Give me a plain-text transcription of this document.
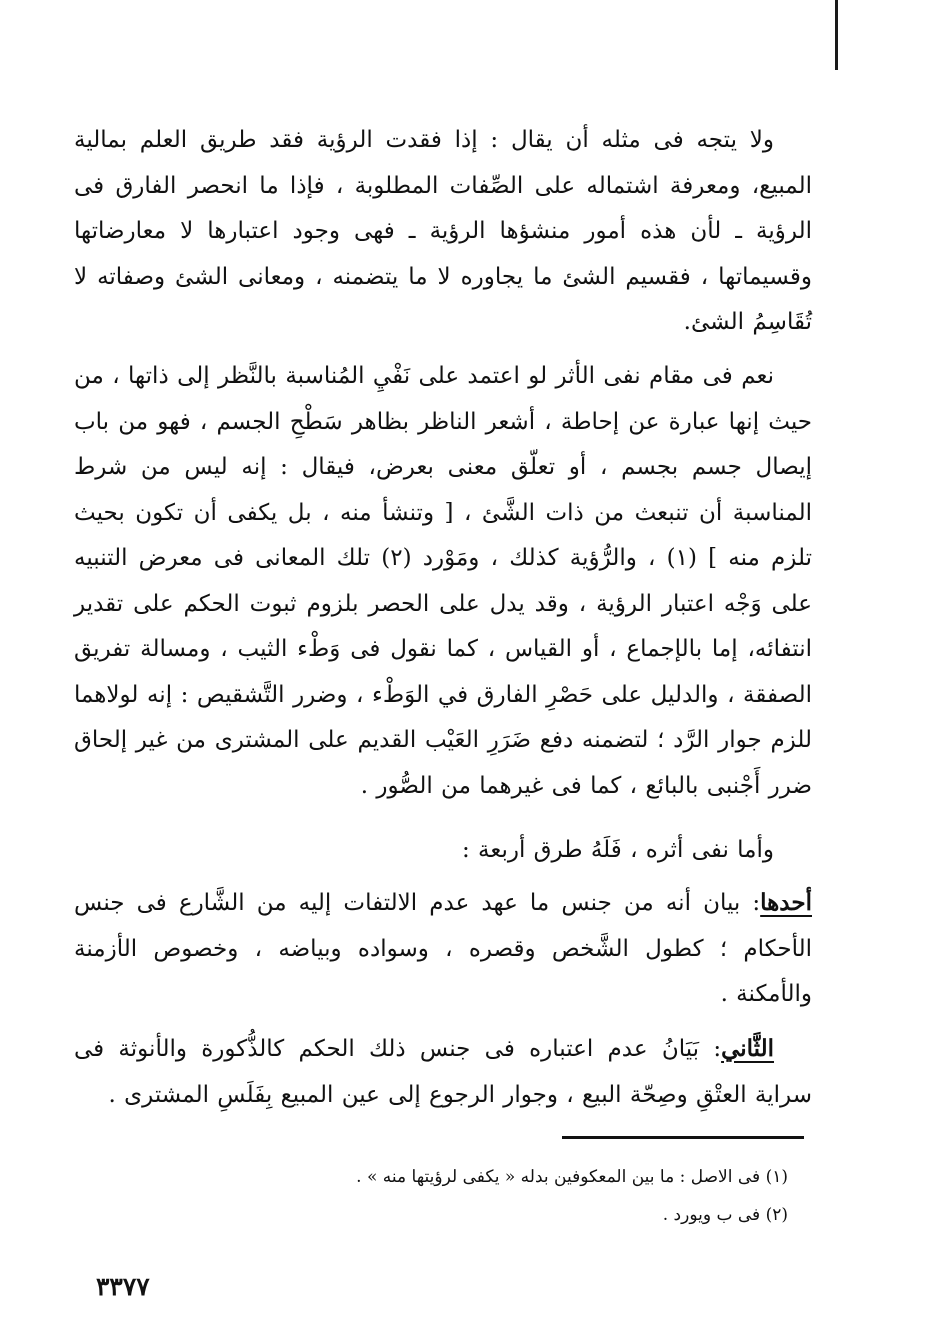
ولا يتجه فى مثله أن يقال : إذا فقدت الرؤية فقد طريق العلم بمالية المبيع، ومعرفة اشتماله على الصِّفات المطلوبة ، فإذا ما انحصر الفارق فى الرؤية ـ لأن هذه أمور منشؤها الرؤية ـ فهى وجود اعتبارها لا معارضاتها وقسيماتها ، فقسيم الشئ ما يجاوره لا ما يتضمنه ، ومعانى الشئ وصفاته لا تُقَاسِمُ الشئ.

نعم فى مقام نفى الأثر لو اعتمد على نَفْيِ المُناسبة بالنَّظر إلى ذاتها ، من حيث إنها عبارة عن إحاطة ، أشعر الناظر بظاهر سَطْحِ الجسم ، فهو من باب إيصال جسم بجسم ، أو تعلّق معنى بعرض، فيقال : إنه ليس من شرط المناسبة أن تنبعث من ذات الشَّئ ، [ وتنشأ منه ، بل يكفى أن تكون بحيث تلزم منه ] (١) ، والرُّؤية كذلك ، ومَوْرد (٢) تلك المعانى فى معرض التنبيه على وَجْه اعتبار الرؤية ، وقد يدل على الحصر بلزوم ثبوت الحكم على تقدير انتفائه، إما بالإجماع ، أو القياس ، كما نقول فى وَطْء الثيب ، ومسالة تفريق الصفقة ، والدليل على حَصْرِ الفارق في الوَطْء ، وضرر التَّشقيص : إنه لولاهما للزم جوار الرَّد ؛ لتضمنه دفع ضَرَرِ العَيْب القديم على المشترى من غير إلحاق ضرر أَجْنبى بالبائع ، كما فى غيرهما من الصُّور .

وأما نفى أثره ، فَلَهُ طرق أربعة :

أحدها: بيان أنه من جنس ما عهد عدم الالتفات إليه من الشَّارع فى جنس الأحكام ؛ كطول الشَّخص وقصره ، وسواده وبياضه ، وخصوص الأزمنة والأمكنة .

الثَّاني: بَيَانُ عدم اعتباره فى جنس ذلك الحكم كالذُّكورة والأنوثة فى سراية العتْقِ وصِحّة البيع ، وجوار الرجوع إلى عين المبيع بِفَلَسِ المشترى .

(١) فى الاصل : ما بين المعكوفين بدله « يكفى لرؤيتها منه » .
(٢) فى ب ويورد .
٣٣٧٧
